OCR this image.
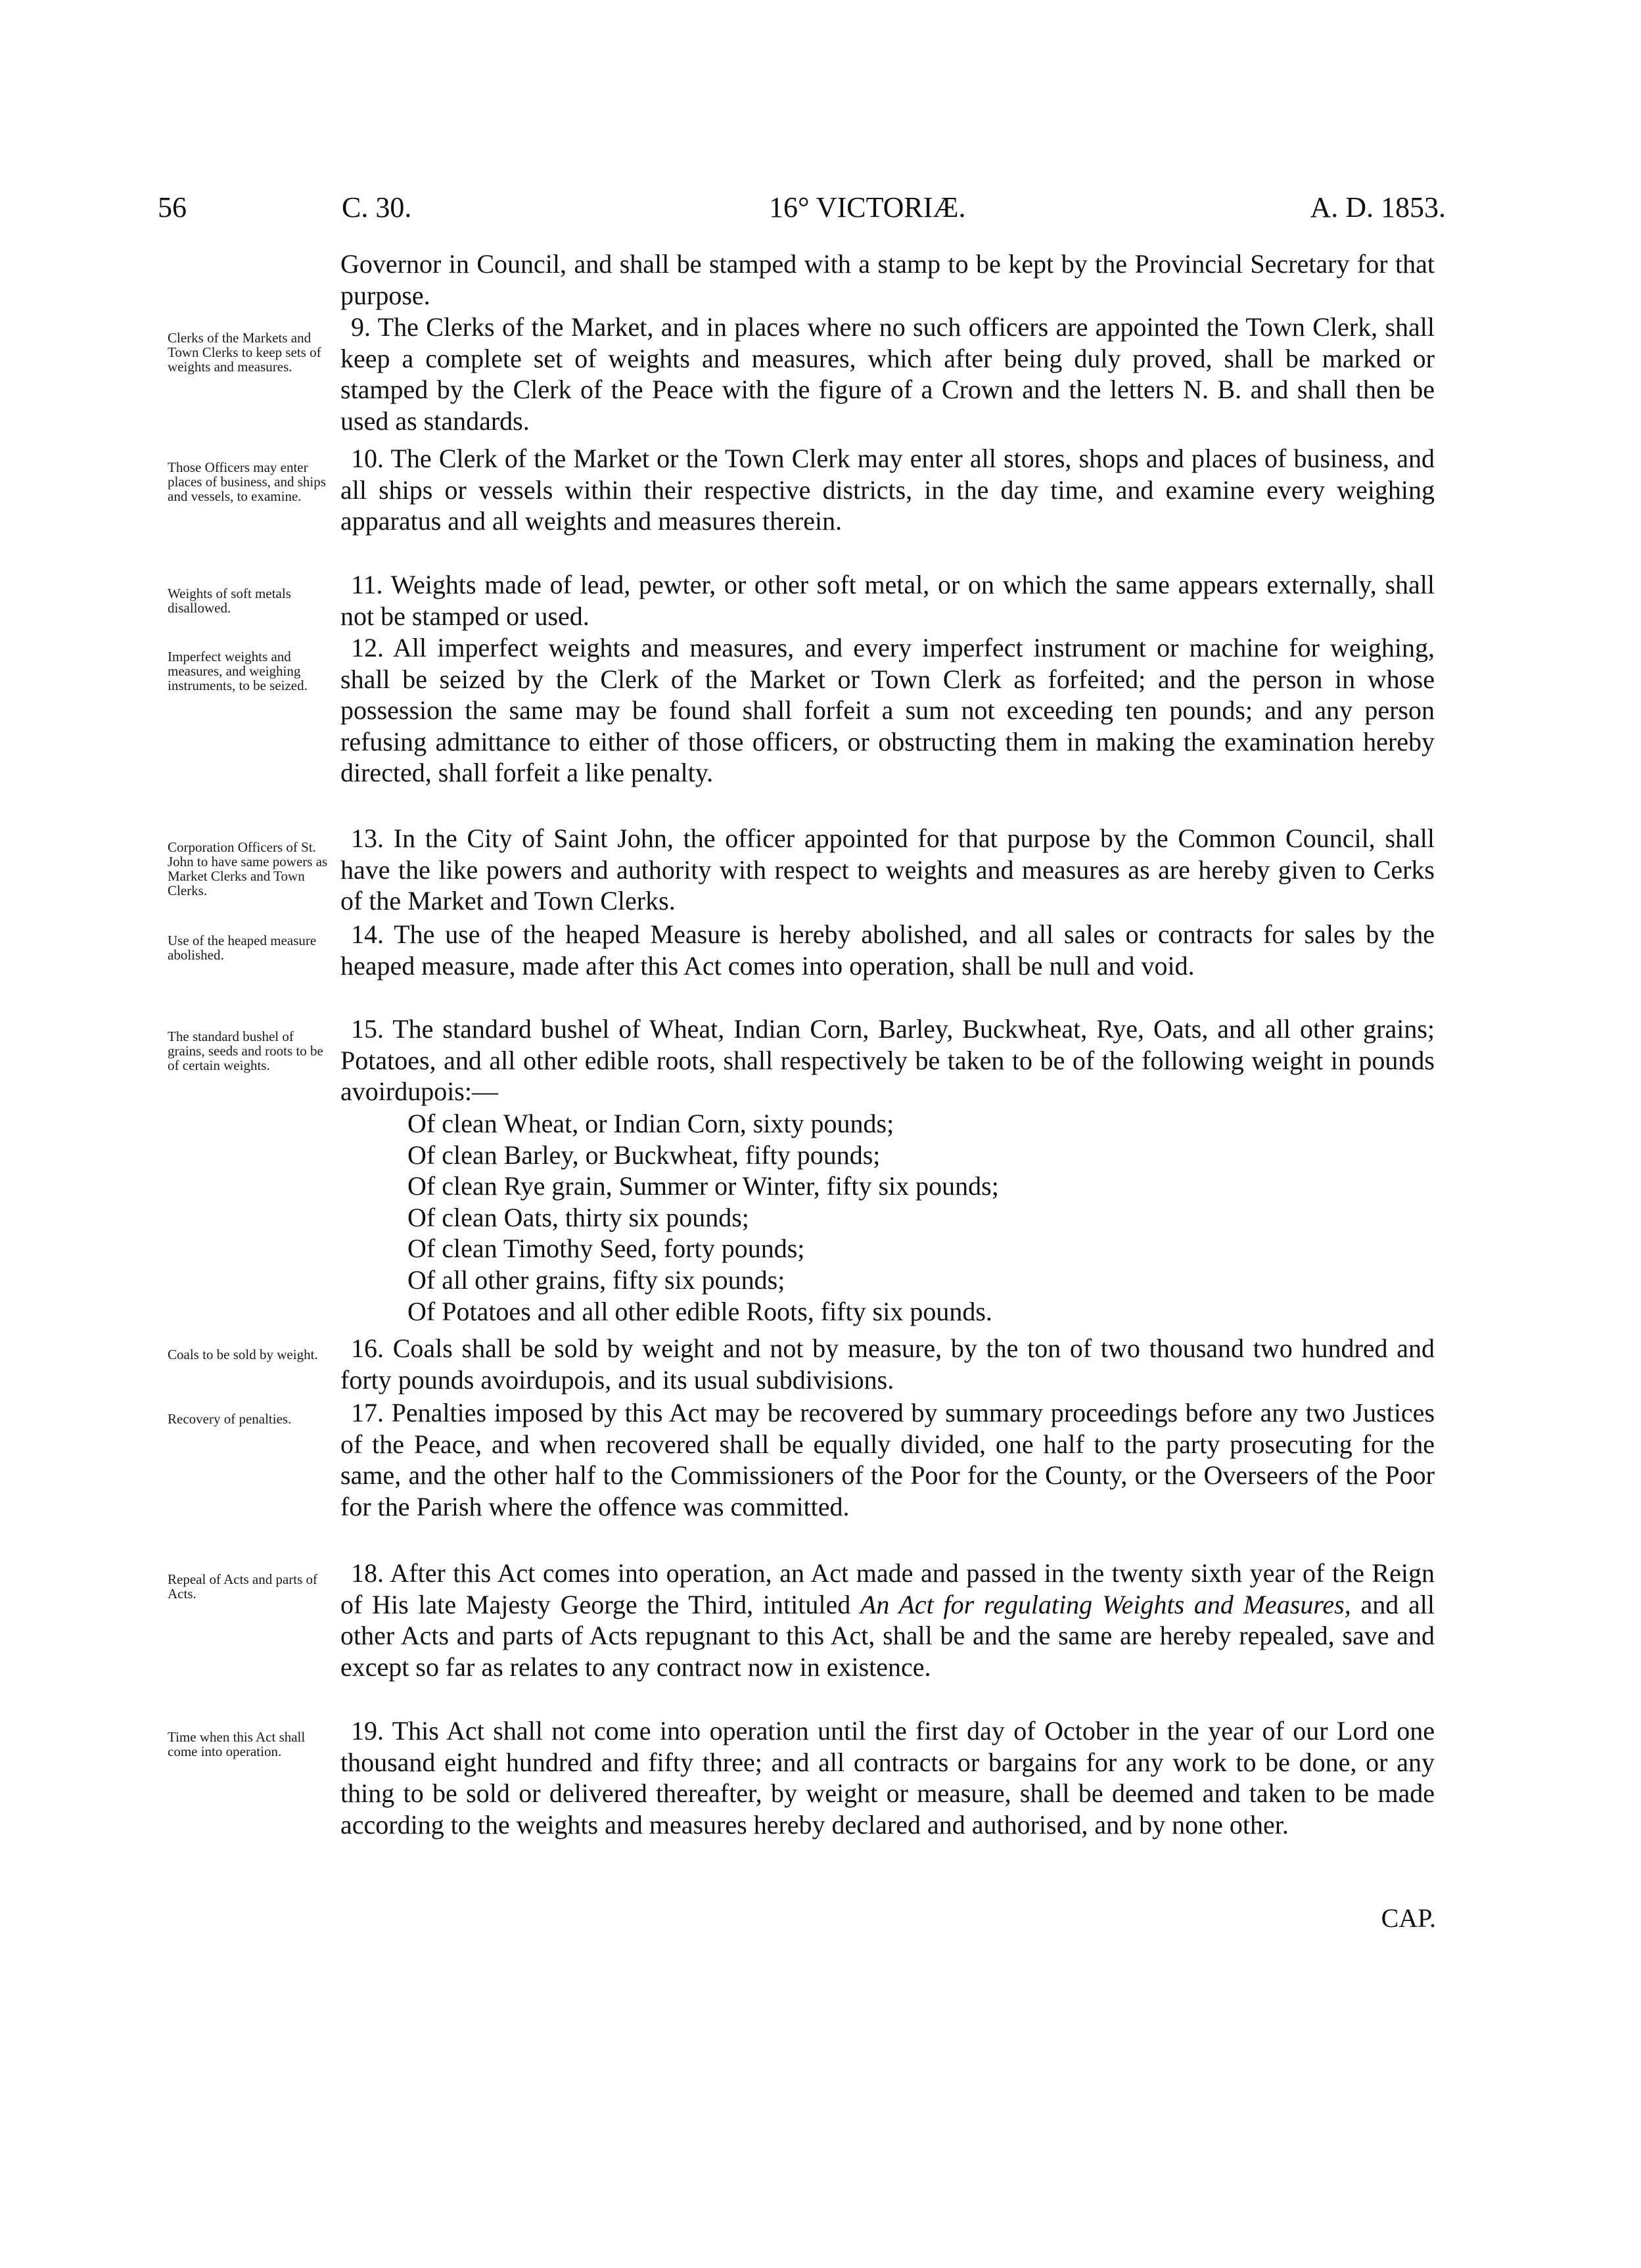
56	C. 30.	16° VICTORIÆ.	A. D. 1853.

Governor in Council, and shall be stamped with a stamp to be kept by the Provincial Secretary for that purpose.

Clerks of the Markets and Town Clerks to keep sets of weights and measures.

9. The Clerks of the Market, and in places where no such officers are appointed the Town Clerk, shall keep a complete set of weights and measures, which after being duly proved, shall be marked or stamped by the Clerk of the Peace with the figure of a Crown and the letters N. B. and shall then be used as standards.

Those Officers may enter places of business, and ships and vessels, to examine.

10. The Clerk of the Market or the Town Clerk may enter all stores, shops and places of business, and all ships or vessels within their respective districts, in the day time, and examine every weighing apparatus and all weights and measures therein.

Weights of soft metals disallowed.

11. Weights made of lead, pewter, or other soft metal, or on which the same appears externally, shall not be stamped or used.

Imperfect weights and measures, and weighing instruments, to be seized.

12. All imperfect weights and measures, and every imperfect instrument or machine for weighing, shall be seized by the Clerk of the Market or Town Clerk as forfeited; and the person in whose possession the same may be found shall forfeit a sum not exceeding ten pounds; and any person refusing admittance to either of those officers, or obstructing them in making the examination hereby directed, shall forfeit a like penalty.

Corporation Officers of St. John to have same powers as Market Clerks and Town Clerks.

13. In the City of Saint John, the officer appointed for that purpose by the Common Council, shall have the like powers and authority with respect to weights and measures as are hereby given to Cerks of the Market and Town Clerks.

Use of the heaped measure abolished.

14. The use of the heaped Measure is hereby abolished, and all sales or contracts for sales by the heaped measure, made after this Act comes into operation, shall be null and void.

The standard bushel of grains, seeds and roots to be of certain weights.

15. The standard bushel of Wheat, Indian Corn, Barley, Buckwheat, Rye, Oats, and all other grains; Potatoes, and all other edible roots, shall respectively be taken to be of the following weight in pounds avoirdupois:—

Of clean Wheat, or Indian Corn, sixty pounds;
Of clean Barley, or Buckwheat, fifty pounds;
Of clean Rye grain, Summer or Winter, fifty six pounds;
Of clean Oats, thirty six pounds;
Of clean Timothy Seed, forty pounds;
Of all other grains, fifty six pounds;
Of Potatoes and all other edible Roots, fifty six pounds.
Coals to be sold by weight.	16. Coals shall be sold by weight and not by measure, by the ton of two thousand two hundred and forty pounds avoirdupois, and its usual subdivisions.

Recovery of penalties.	17. Penalties imposed by this Act may be recovered by summary proceedings before any two Justices of the Peace, and when recovered shall be equally divided, one half to the party prosecuting for the same, and the other half to the Commissioners of the Poor for the County, or the Overseers of the Poor for the Parish where the offence was committed.

Repeal of Acts and parts of Acts.

18. After this Act comes into operation, an Act made and passed in the twenty sixth year of the Reign of His late Majesty George the Third, intituled An Act for regulating Weights and Measures, and all other Acts and parts of Acts repugnant to this Act, shall be and the same are hereby repealed, save and except so far as relates to any contract now in existence.

Time when this Act shall come into operation.

19. This Act shall not come into operation until the first day of October in the year of our Lord one thousand eight hundred and fifty three; and all contracts or bargains for any work to be done, or any thing to be sold or delivered thereafter, by weight or measure, shall be deemed and taken to be made according to the weights and measures hereby declared and authorised, and by none other.

CAP.
